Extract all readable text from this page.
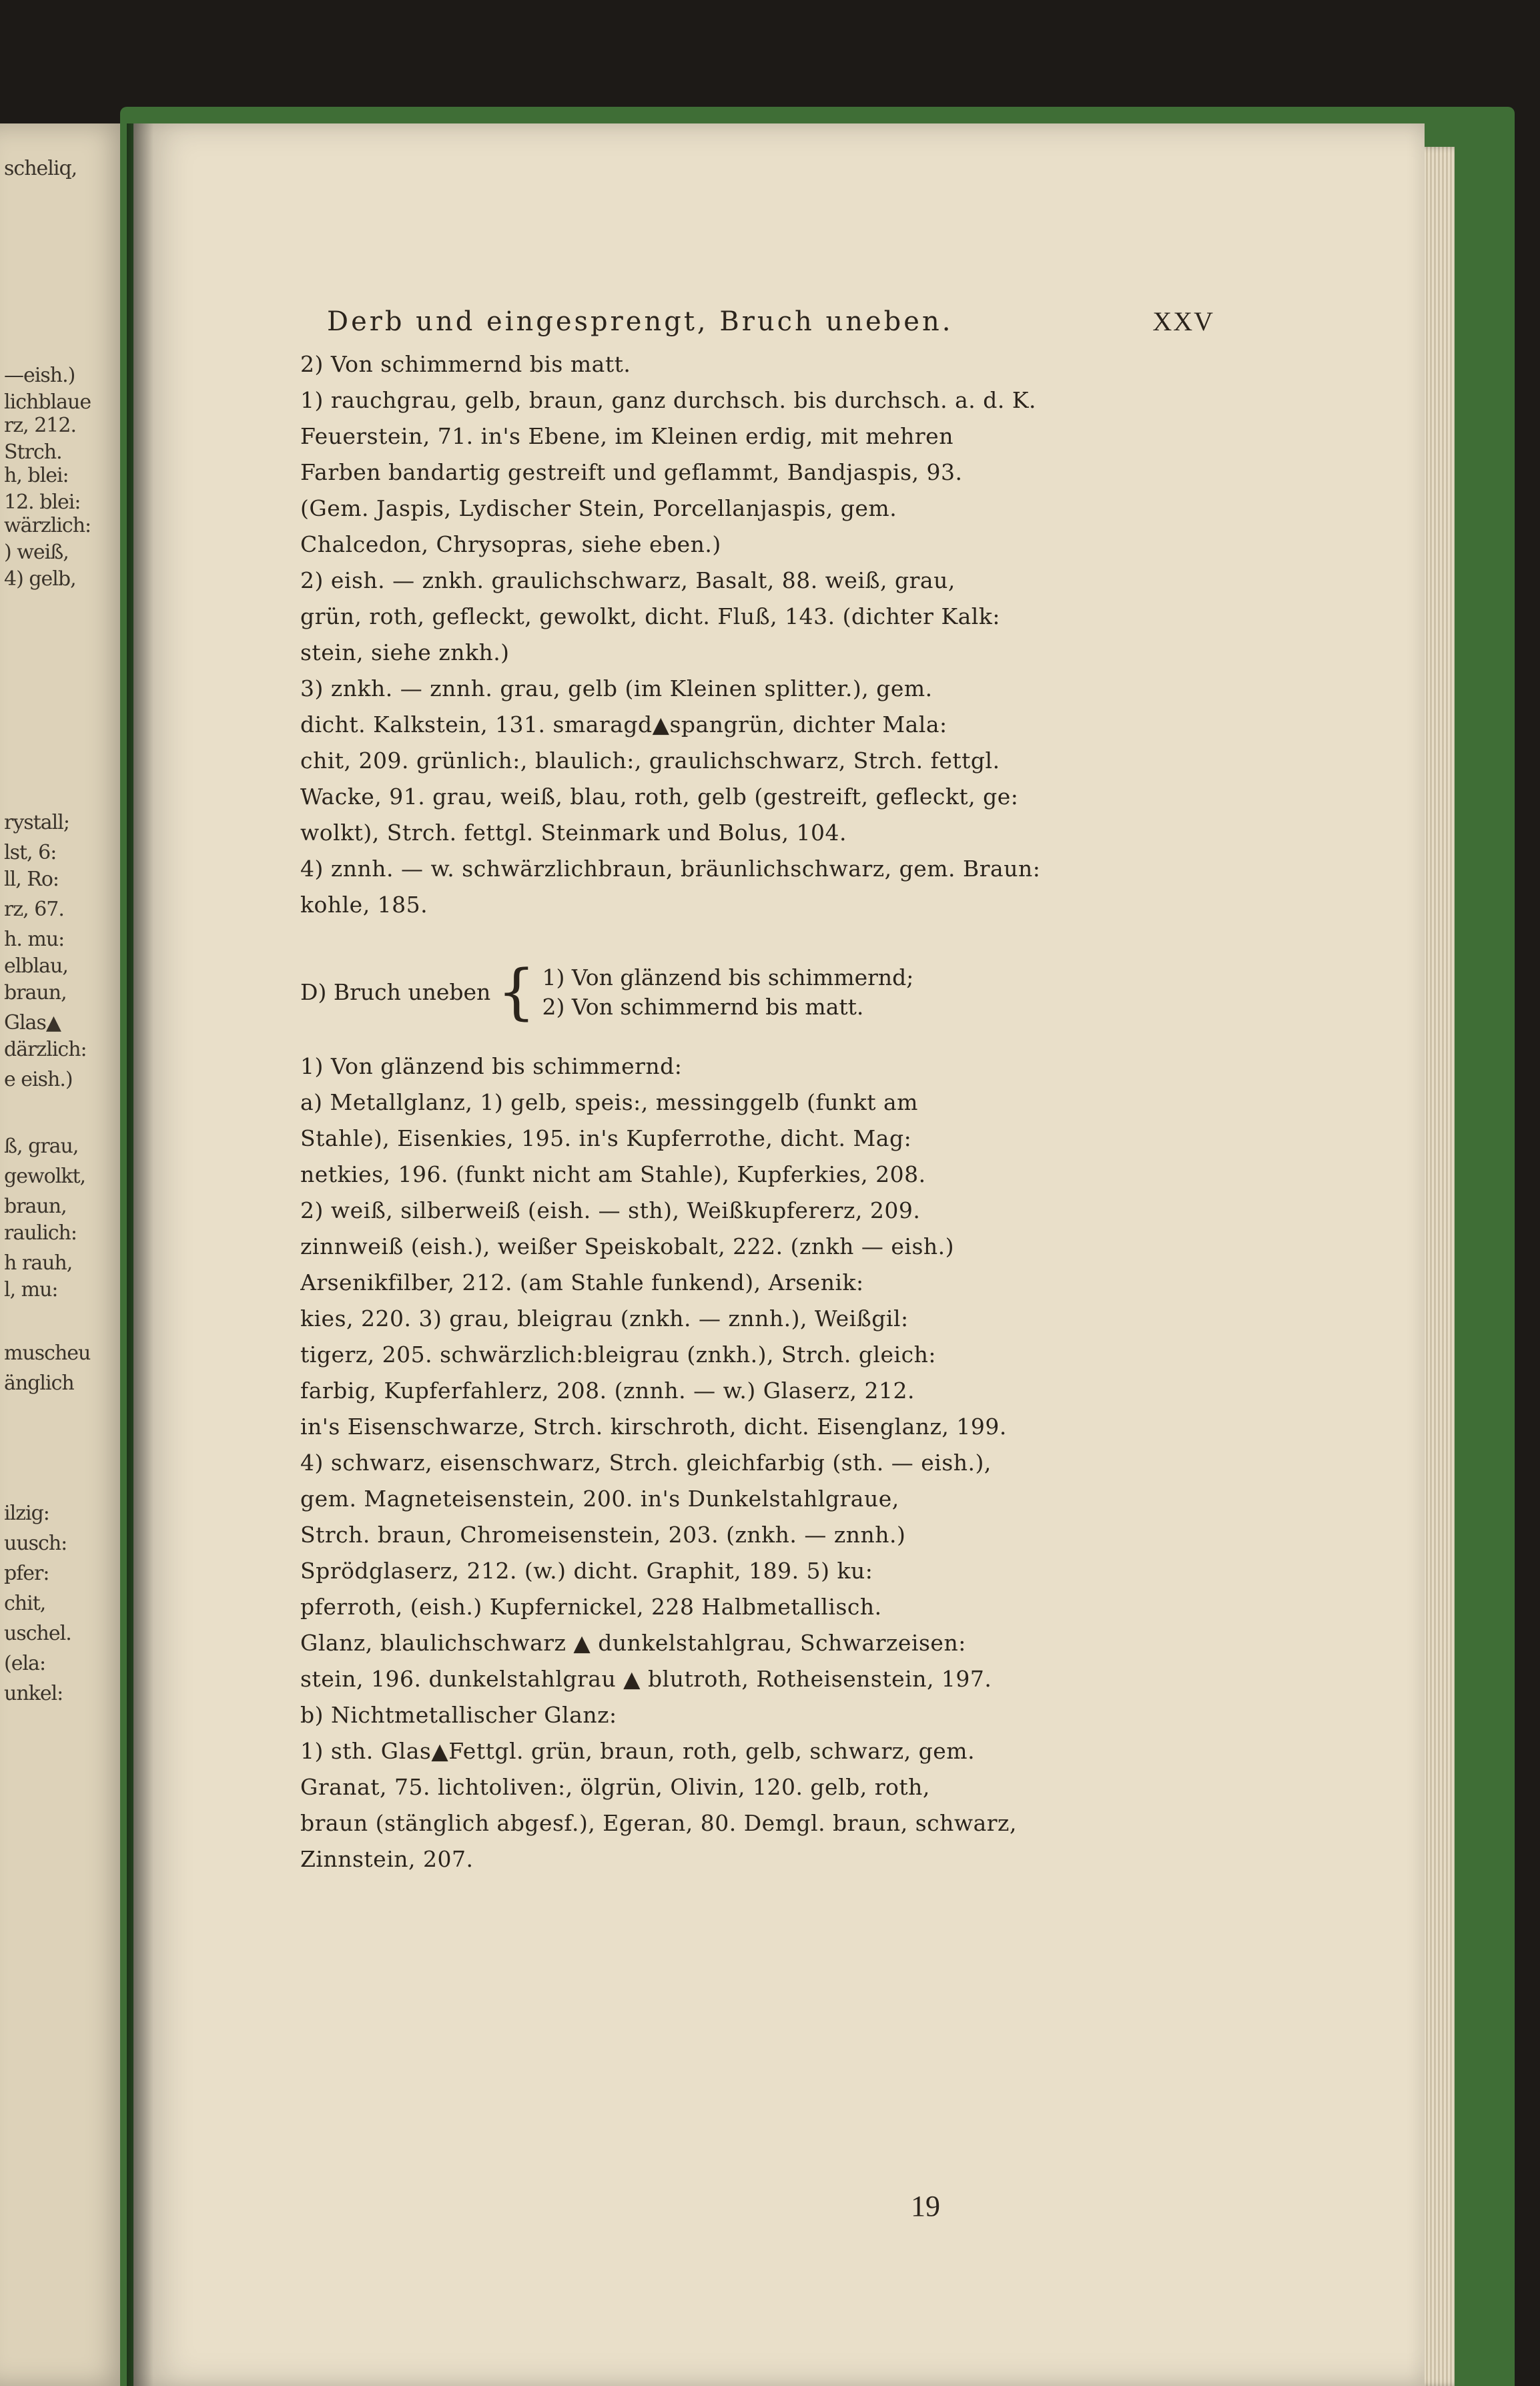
scheliq,
—eish.)
lichblaue
rz, 212.
Strch.
h, blei:
12. blei:
wärzlich:
) weiß,
4) gelb,
rystall;
lst, 6:
ll, Ro:
rz, 67.
h. mu:
elblau,
braun,
Glas▲
därzlich:
e eish.)
ß, grau,
gewolkt,
braun,
raulich:
h rauh,
l, mu:
muscheu
änglich
ilzig:
uusch:
pfer:
chit,
uschel.
(ela:
unkel:
Derb und eingesprengt, Bruch uneben.	XXV
2) Von schimmernd bis matt.
1) rauchgrau, gelb, braun, ganz durchsch. bis durchsch. a. d. K.
Feuerstein, 71. in's Ebene, im Kleinen erdig, mit mehren
Farben bandartig gestreift und geflammt, Bandjaspis, 93.
(Gem. Jaspis, Lydischer Stein, Porcellanjaspis, gem.
Chalcedon, Chrysopras, siehe eben.)
2) eish. — znkh. graulichschwarz, Basalt, 88. weiß, grau,
grün, roth, gefleckt, gewolkt, dicht. Fluß, 143. (dichter Kalk:
stein, siehe znkh.)
3) znkh. — znnh. grau, gelb (im Kleinen splitter.), gem.
dicht. Kalkstein, 131. smaragd▲spangrün, dichter Mala:
chit, 209. grünlich:, blaulich:, graulichschwarz, Strch. fettgl.
Wacke, 91. grau, weiß, blau, roth, gelb (gestreift, gefleckt, ge:
wolkt), Strch. fettgl. Steinmark und Bolus, 104.
4) znnh. — w. schwärzlichbraun, bräunlichschwarz, gem. Braun:
kohle, 185.
D) Bruch uneben { 1) Von glänzend bis schimmernd;
2) Von schimmernd bis matt.
1) Von glänzend bis schimmernd:
a) Metallglanz, 1) gelb, speis:, messinggelb (funkt am
Stahle), Eisenkies, 195. in's Kupferrothe, dicht. Mag:
netkies, 196. (funkt nicht am Stahle), Kupferkies, 208.
2) weiß, silberweiß (eish. — sth), Weißkupfererz, 209.
zinnweiß (eish.), weißer Speiskobalt, 222. (znkh — eish.)
Arsenikfilber, 212. (am Stahle funkend), Arsenik:
kies, 220. 3) grau, bleigrau (znkh. — znnh.), Weißgil:
tigerz, 205. schwärzlich:bleigrau (znkh.), Strch. gleich:
farbig, Kupferfahlerz, 208. (znnh. — w.) Glaserz, 212.
in's Eisenschwarze, Strch. kirschroth, dicht. Eisenglanz, 199.
4) schwarz, eisenschwarz, Strch. gleichfarbig (sth. — eish.),
gem. Magneteisenstein, 200. in's Dunkelstahlgraue,
Strch. braun, Chromeisenstein, 203. (znkh. — znnh.)
Sprödglaserz, 212. (w.) dicht. Graphit, 189. 5) ku:
pferroth, (eish.) Kupfernickel, 228 Halbmetallisch.
Glanz, blaulichschwarz ▲ dunkelstahlgrau, Schwarzeisen:
stein, 196. dunkelstahlgrau ▲ blutroth, Rotheisenstein, 197.
b) Nichtmetallischer Glanz:
1) sth. Glas▲Fettgl. grün, braun, roth, gelb, schwarz, gem.
Granat, 75. lichtoliven:, ölgrün, Olivin, 120. gelb, roth,
braun (stänglich abgesf.), Egeran, 80. Demgl. braun, schwarz,
Zinnstein, 207.
19
